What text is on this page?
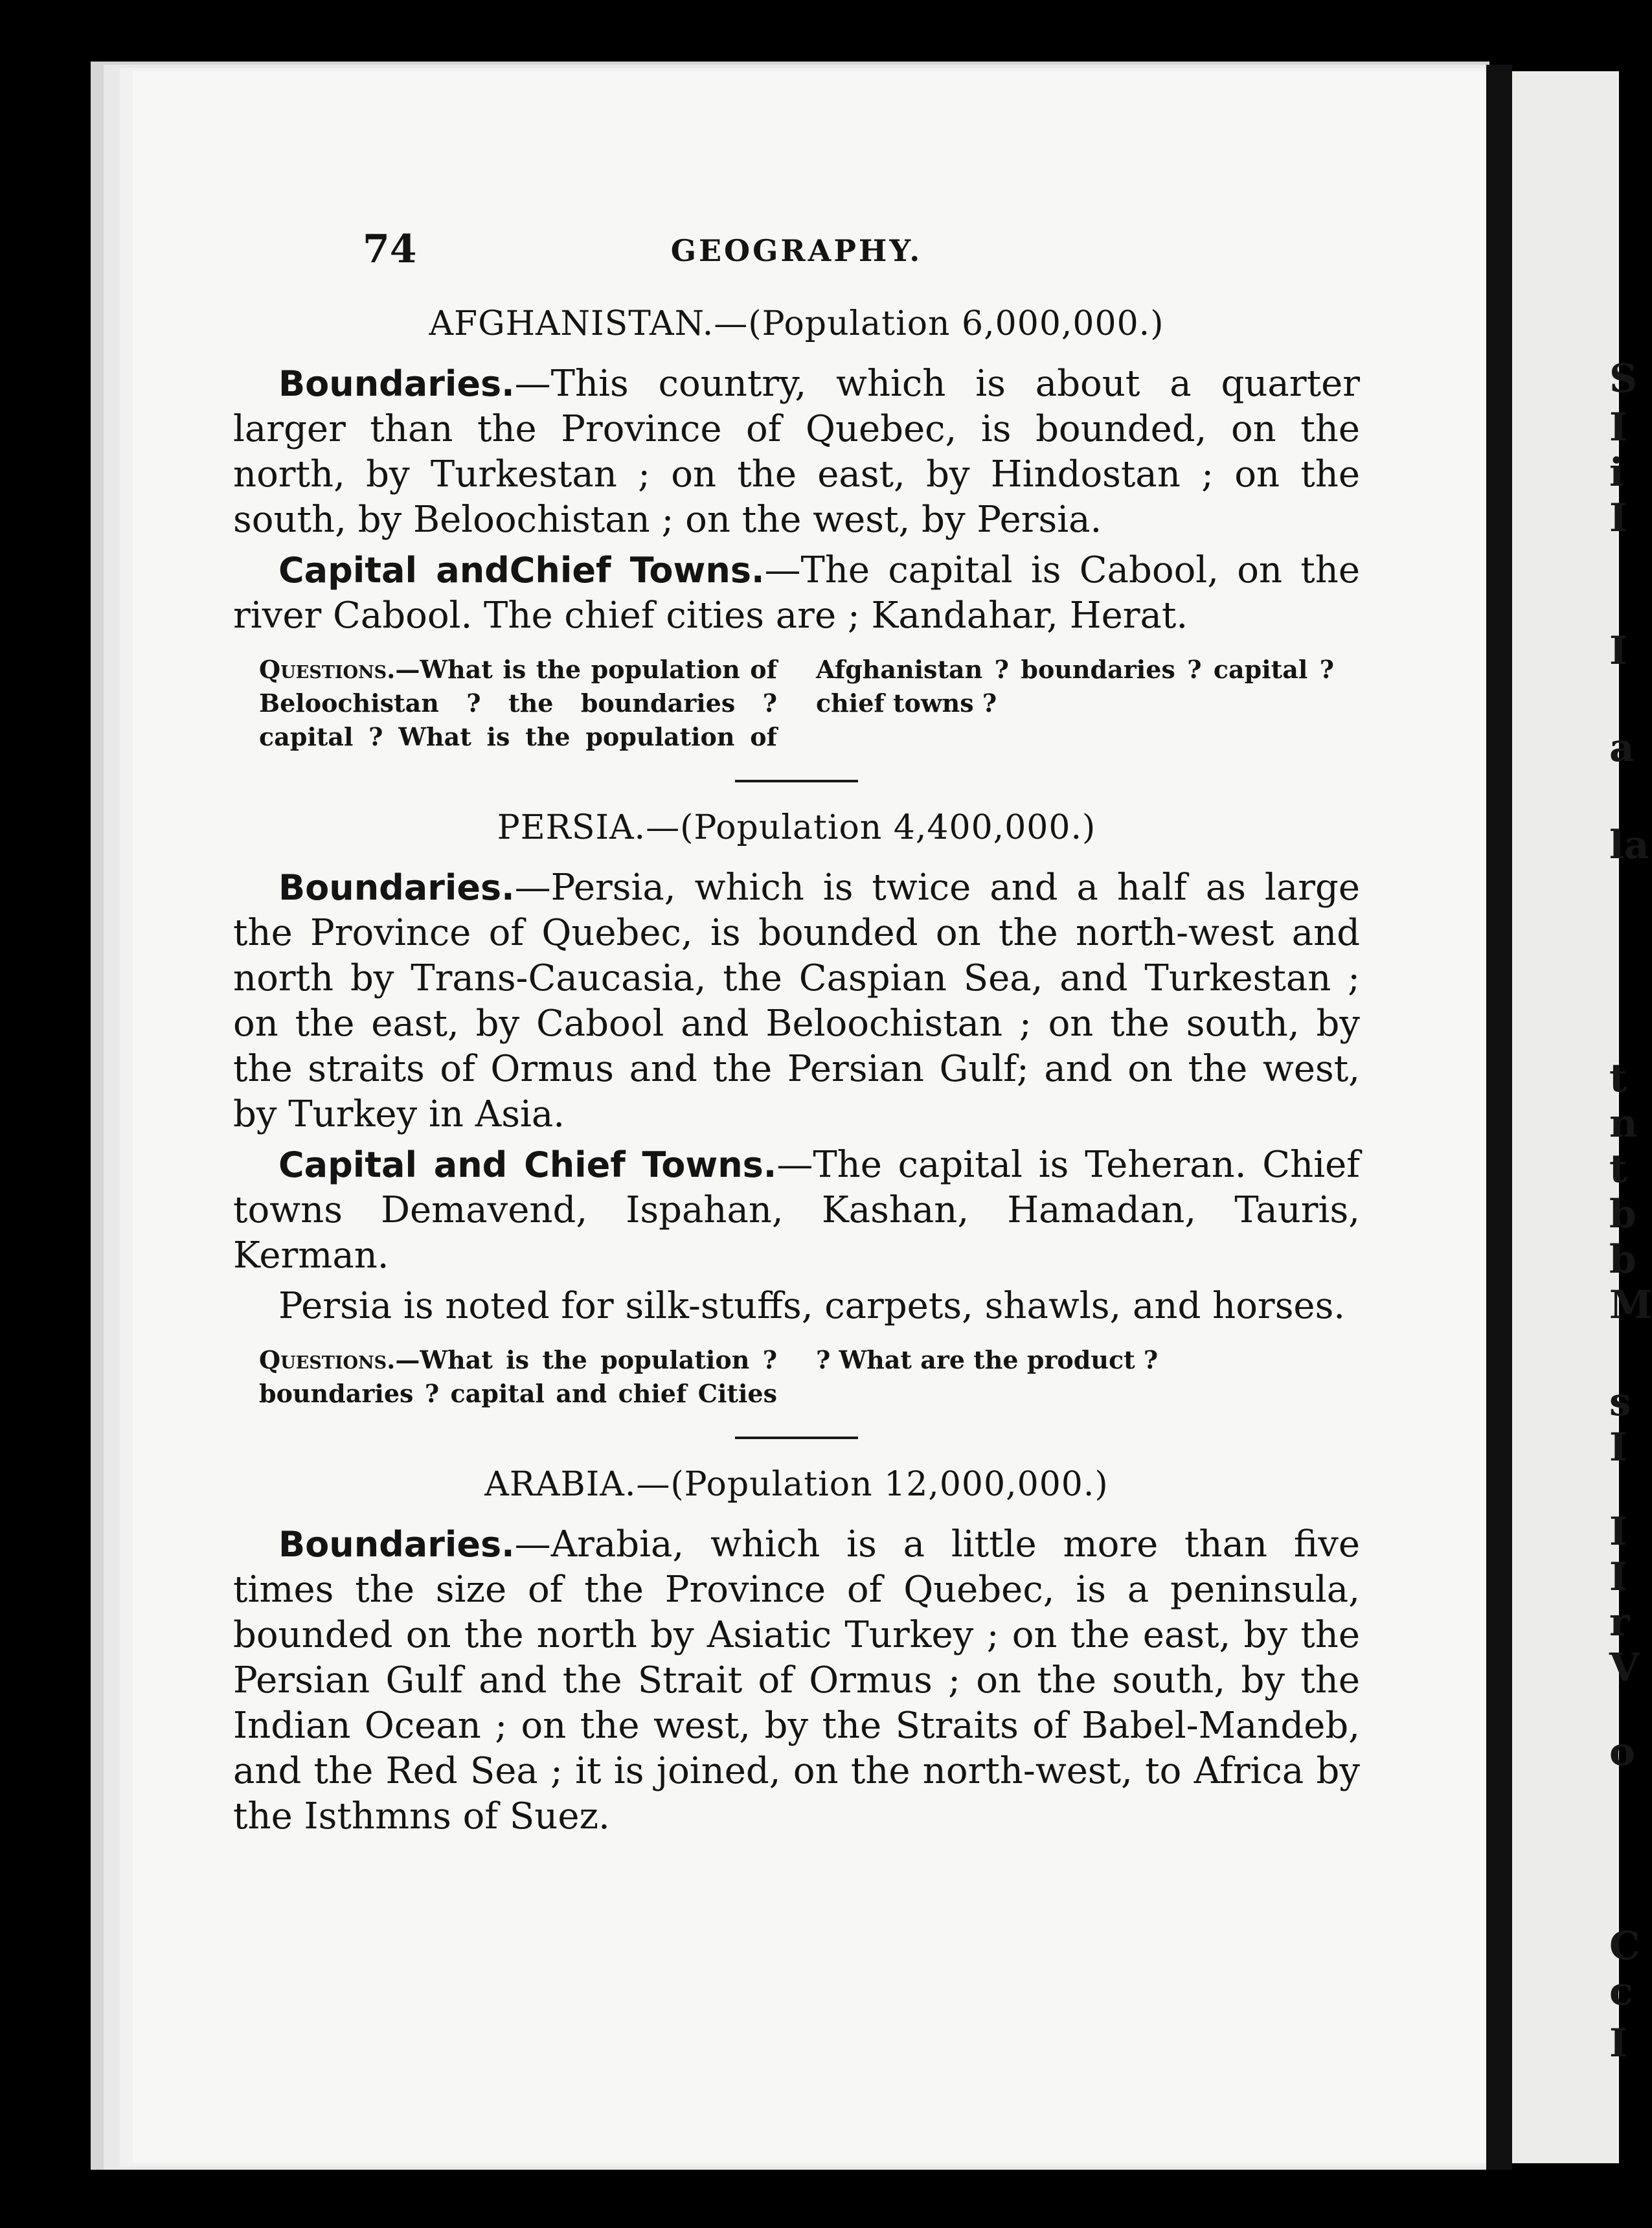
S
I
i
I
I
a
la
t
n
t
b
b
M
s
I
I
I
r
V
o
C
c
I
74	GEOGRAPHY.
AFGHANISTAN.—(Population 6,000,000.)

Boundaries.—This country, which is about a quarter larger than the Province of Quebec, is bounded, on the north, by Turkestan ; on the east, by Hindostan ; on the south, by Beloochistan ; on the west, by Persia.

Capital andChief Towns.—The capital is Cabool, on the river Cabool. The chief cities are ; Kandahar, Herat.

Questions.—What is the population of Beloochistan ? the boundaries ? capital ? What is the population of Afghanistan ? boundaries ? capital ? chief towns ?
PERSIA.—(Population 4,400,000.)

Boundaries.—Persia, which is twice and a half as large the Province of Quebec, is bounded on the north-west and north by Trans-Caucasia, the Caspian Sea, and Turkestan ; on the east, by Cabool and Beloochistan ; on the south, by the straits of Ormus and the Persian Gulf; and on the west, by Turkey in Asia.

Capital and Chief Towns.—The capital is Teheran. Chief towns Demavend, Ispahan, Kashan, Hamadan, Tauris, Kerman.

Persia is noted for silk-stuffs, carpets, shawls, and horses.

Questions.—What is the population ? boundaries ? capital and chief Cities ? What are the product ?
ARABIA.—(Population 12,000,000.)

Boundaries.—Arabia, which is a little more than five times the size of the Province of Quebec, is a peninsula, bounded on the north by Asiatic Turkey ; on the east, by the Persian Gulf and the Strait of Ormus ; on the south, by the Indian Ocean ; on the west, by the Straits of Babel-Mandeb, and the Red Sea ; it is joined, on the north-west, to Africa by the Isthmns of Suez.
